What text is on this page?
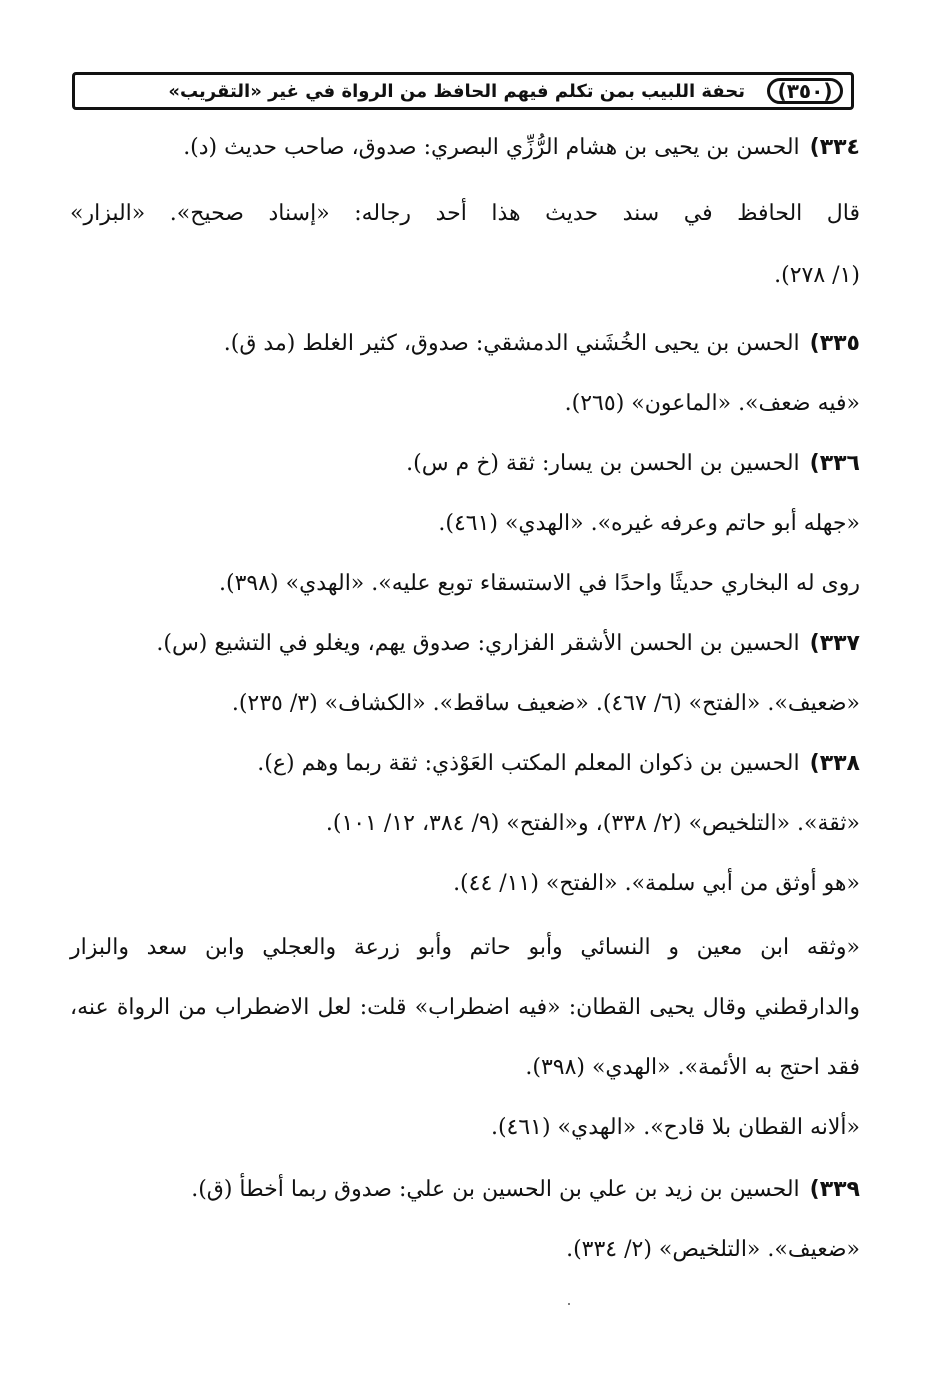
(٣٥٠)
تحفة اللبيب بمن تكلم فيهم الحافظ من الرواة في غير «التقريب»
٣٣٤)الحسن بن يحيى بن هشام الرُّزِّي البصري: صدوق، صاحب حديث (د).
قال الحافظ في سند حديث هذا أحد رجاله: «إسناد صحيح». «البزار»
(١/ ٢٧٨).
٣٣٥)الحسن بن يحيى الخُشَني الدمشقي: صدوق، كثير الغلط (مد ق).
«فيه ضعف». «الماعون» (٢٦٥).
٣٣٦)الحسين بن الحسن بن يسار: ثقة (خ م س).
«جهله أبو حاتم وعرفه غيره». «الهدي» (٤٦١).
روى له البخاري حديثًا واحدًا في الاستسقاء توبع عليه». «الهدي» (٣٩٨).
٣٣٧)الحسين بن الحسن الأشقر الفزاري: صدوق يهم، ويغلو في التشيع (س).
«ضعيف». «الفتح» (٦/ ٤٦٧). «ضعيف ساقط». «الكشاف» (٣/ ٢٣٥).
٣٣٨)الحسين بن ذكوان المعلم المكتب العَوْذي: ثقة ربما وهم (ع).
«ثقة». «التلخيص» (٢/ ٣٣٨)، و«الفتح» (٩/ ٣٨٤، ١٢/ ١٠١).
«هو أوثق من أبي سلمة». «الفتح» (١١/ ٤٤).
«وثقه ابن معين و النسائي وأبو حاتم وأبو زرعة والعجلي وابن سعد والبزار
والدارقطني وقال يحيى القطان: «فيه اضطراب» قلت: لعل الاضطراب من الرواة عنه،
فقد احتج به الأئمة». «الهدي» (٣٩٨).
«ألانه القطان بلا قادح». «الهدي» (٤٦١).
٣٣٩)الحسين بن زيد بن علي بن الحسين بن علي: صدوق ربما أخطأ (ق).
«ضعيف». «التلخيص» (٢/ ٣٣٤).
